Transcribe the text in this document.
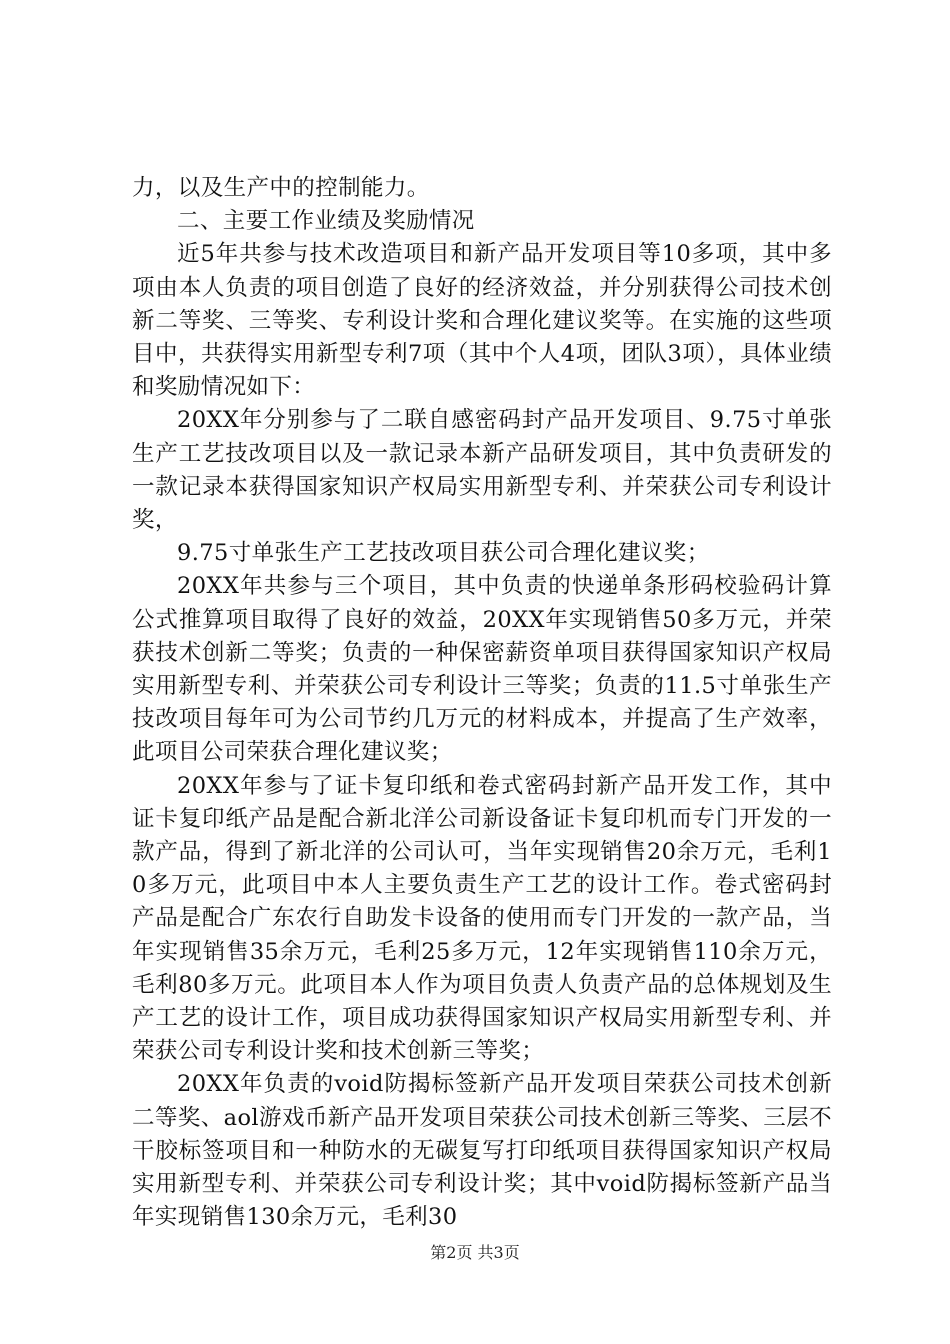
力，以及生产中的控制能力。

二、主要工作业绩及奖励情况

近5年共参与技术改造项目和新产品开发项目等10多项，其中多项由本人负责的项目创造了良好的经济效益，并分别获得公司技术创新二等奖、三等奖、专利设计奖和合理化建议奖等。在实施的这些项目中，共获得实用新型专利7项（其中个人4项，团队3项），具体业绩和奖励情况如下：

20XX年分别参与了二联自感密码封产品开发项目、9.75寸单张生产工艺技改项目以及一款记录本新产品研发项目，其中负责研发的一款记录本获得国家知识产权局实用新型专利、并荣获公司专利设计奖，

9.75寸单张生产工艺技改项目获公司合理化建议奖；

20XX年共参与三个项目，其中负责的快递单条形码校验码计算公式推算项目取得了良好的效益，20XX年实现销售50多万元，并荣获技术创新二等奖；负责的一种保密薪资单项目获得国家知识产权局实用新型专利、并荣获公司专利设计三等奖；负责的11.5寸单张生产技改项目每年可为公司节约几万元的材料成本，并提高了生产效率，此项目公司荣获合理化建议奖；

20XX年参与了证卡复印纸和卷式密码封新产品开发工作，其中证卡复印纸产品是配合新北洋公司新设备证卡复印机而专门开发的一款产品，得到了新北洋的公司认可，当年实现销售20余万元，毛利10多万元，此项目中本人主要负责生产工艺的设计工作。卷式密码封产品是配合广东农行自助发卡设备的使用而专门开发的一款产品，当年实现销售35余万元，毛利25多万元，12年实现销售110余万元，毛利80多万元。此项目本人作为项目负责人负责产品的总体规划及生产工艺的设计工作，项目成功获得国家知识产权局实用新型专利、并荣获公司专利设计奖和技术创新三等奖；

20XX年负责的void防揭标签新产品开发项目荣获公司技术创新二等奖、aol游戏币新产品开发项目荣获公司技术创新三等奖、三层不干胶标签项目和一种防水的无碳复写打印纸项目获得国家知识产权局实用新型专利、并荣获公司专利设计奖；其中void防揭标签新产品当年实现销售130余万元，毛利30

第2页 共3页
